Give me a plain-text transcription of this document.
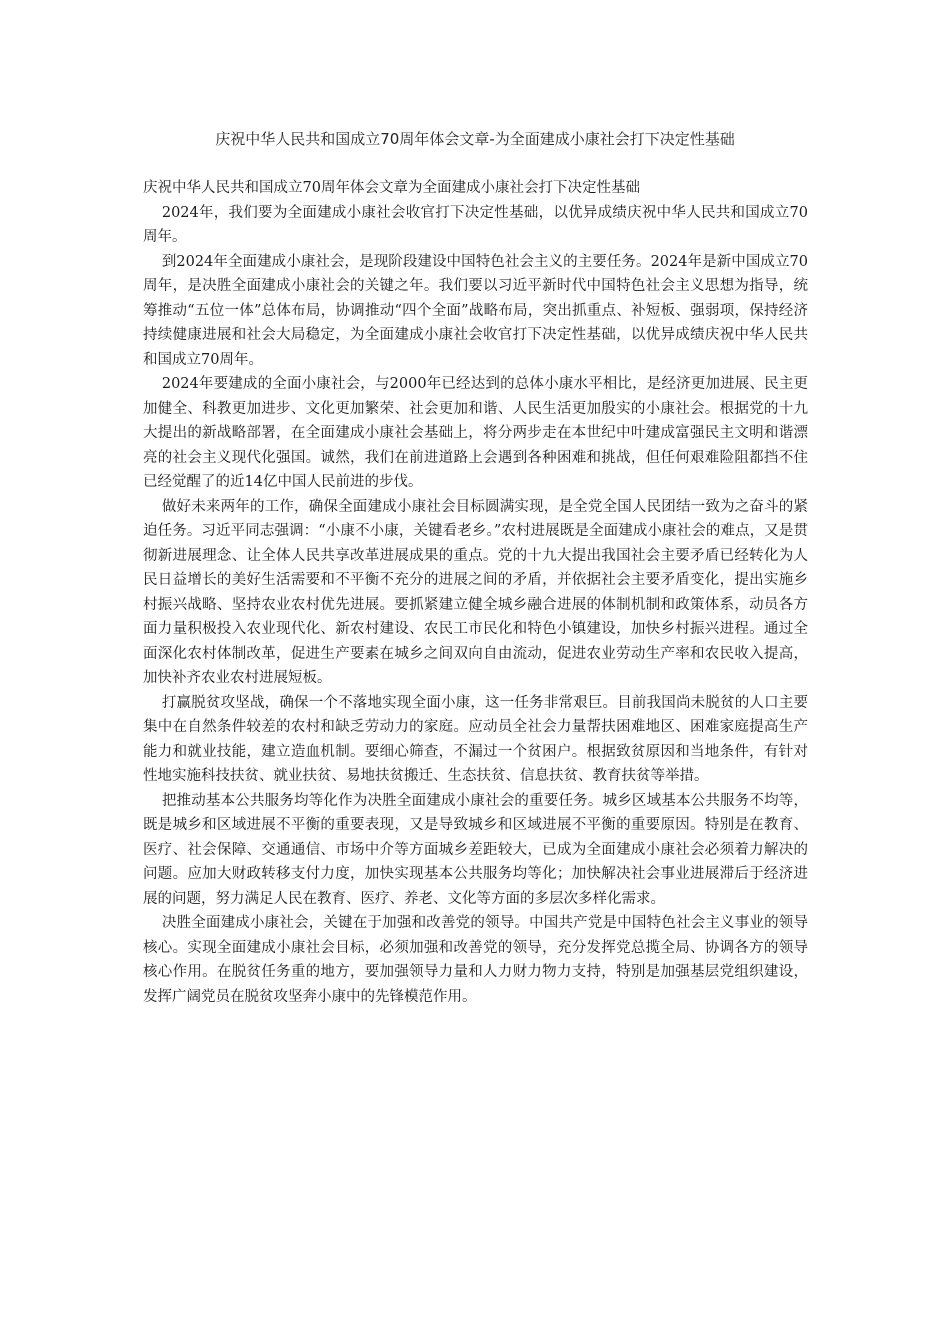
庆祝中华人民共和国成立70周年体会文章-为全面建成小康社会打下决定性基础

庆祝中华人民共和国成立70周年体会文章为全面建成小康社会打下决定性基础

2024年，我们要为全面建成小康社会收官打下决定性基础，以优异成绩庆祝中华人民共和国成立70周年。

到2024年全面建成小康社会，是现阶段建设中国特色社会主义的主要任务。2024年是新中国成立70周年，是决胜全面建成小康社会的关键之年。我们要以习近平新时代中国特色社会主义思想为指导，统筹推动“五位一体”总体布局，协调推动“四个全面”战略布局，突出抓重点、补短板、强弱项，保持经济持续健康进展和社会大局稳定，为全面建成小康社会收官打下决定性基础，以优异成绩庆祝中华人民共和国成立70周年。

2024年要建成的全面小康社会，与2000年已经达到的总体小康水平相比，是经济更加进展、民主更加健全、科教更加进步、文化更加繁荣、社会更加和谐、人民生活更加殷实的小康社会。根据党的十九大提出的新战略部署，在全面建成小康社会基础上，将分两步走在本世纪中叶建成富强民主文明和谐漂亮的社会主义现代化强国。诚然，我们在前进道路上会遇到各种困难和挑战，但任何艰难险阻都挡不住已经觉醒了的近14亿中国人民前进的步伐。

做好未来两年的工作，确保全面建成小康社会目标圆满实现，是全党全国人民团结一致为之奋斗的紧迫任务。习近平同志强调：“小康不小康，关键看老乡。”农村进展既是全面建成小康社会的难点，又是贯彻新进展理念、让全体人民共享改革进展成果的重点。党的十九大提出我国社会主要矛盾已经转化为人民日益增长的美好生活需要和不平衡不充分的进展之间的矛盾，并依据社会主要矛盾变化，提出实施乡村振兴战略、坚持农业农村优先进展。要抓紧建立健全城乡融合进展的体制机制和政策体系，动员各方面力量积极投入农业现代化、新农村建设、农民工市民化和特色小镇建设，加快乡村振兴进程。通过全面深化农村体制改革，促进生产要素在城乡之间双向自由流动，促进农业劳动生产率和农民收入提高，加快补齐农业农村进展短板。

打赢脱贫攻坚战，确保一个不落地实现全面小康，这一任务非常艰巨。目前我国尚未脱贫的人口主要集中在自然条件较差的农村和缺乏劳动力的家庭。应动员全社会力量帮扶困难地区、困难家庭提高生产能力和就业技能，建立造血机制。要细心筛查，不漏过一个贫困户。根据致贫原因和当地条件，有针对性地实施科技扶贫、就业扶贫、易地扶贫搬迁、生态扶贫、信息扶贫、教育扶贫等举措。

把推动基本公共服务均等化作为决胜全面建成小康社会的重要任务。城乡区域基本公共服务不均等，既是城乡和区域进展不平衡的重要表现，又是导致城乡和区域进展不平衡的重要原因。特别是在教育、医疗、社会保障、交通通信、市场中介等方面城乡差距较大，已成为全面建成小康社会必须着力解决的问题。应加大财政转移支付力度，加快实现基本公共服务均等化；加快解决社会事业进展滞后于经济进展的问题，努力满足人民在教育、医疗、养老、文化等方面的多层次多样化需求。

决胜全面建成小康社会，关键在于加强和改善党的领导。中国共产党是中国特色社会主义事业的领导核心。实现全面建成小康社会目标，必须加强和改善党的领导，充分发挥党总揽全局、协调各方的领导核心作用。在脱贫任务重的地方，要加强领导力量和人力财力物力支持，特别是加强基层党组织建设，发挥广阔党员在脱贫攻坚奔小康中的先锋模范作用。
